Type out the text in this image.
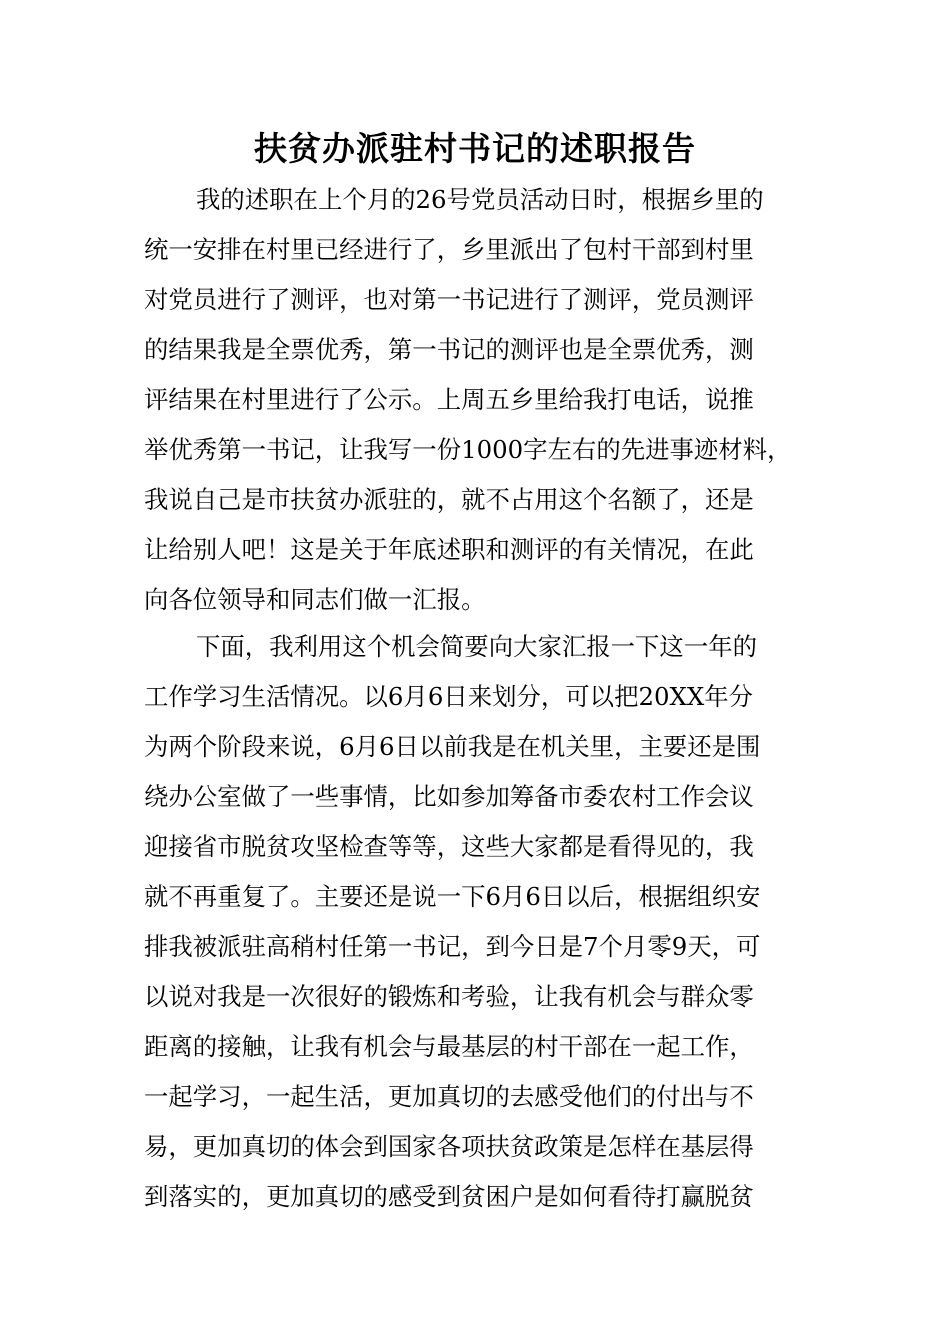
扶贫办派驻村书记的述职报告
我的述职在上个月的26号党员活动日时，根据乡里的
统一安排在村里已经进行了，乡里派出了包村干部到村里
对党员进行了测评，也对第一书记进行了测评，党员测评
的结果我是全票优秀，第一书记的测评也是全票优秀，测
评结果在村里进行了公示。上周五乡里给我打电话，说推
举优秀第一书记，让我写一份1000字左右的先进事迹材料，
我说自己是市扶贫办派驻的，就不占用这个名额了，还是
让给别人吧！这是关于年底述职和测评的有关情况，在此
向各位领导和同志们做一汇报。
下面，我利用这个机会简要向大家汇报一下这一年的
工作学习生活情况。以6月6日来划分，可以把20XX年分
为两个阶段来说，6月6日以前我是在机关里，主要还是围
绕办公室做了一些事情，比如参加筹备市委农村工作会议
迎接省市脱贫攻坚检查等等，这些大家都是看得见的，我
就不再重复了。主要还是说一下6月6日以后，根据组织安
排我被派驻高稍村任第一书记，到今日是7个月零9天，可
以说对我是一次很好的锻炼和考验，让我有机会与群众零
距离的接触，让我有机会与最基层的村干部在一起工作，
一起学习，一起生活，更加真切的去感受他们的付出与不
易，更加真切的体会到国家各项扶贫政策是怎样在基层得
到落实的，更加真切的感受到贫困户是如何看待打赢脱贫
